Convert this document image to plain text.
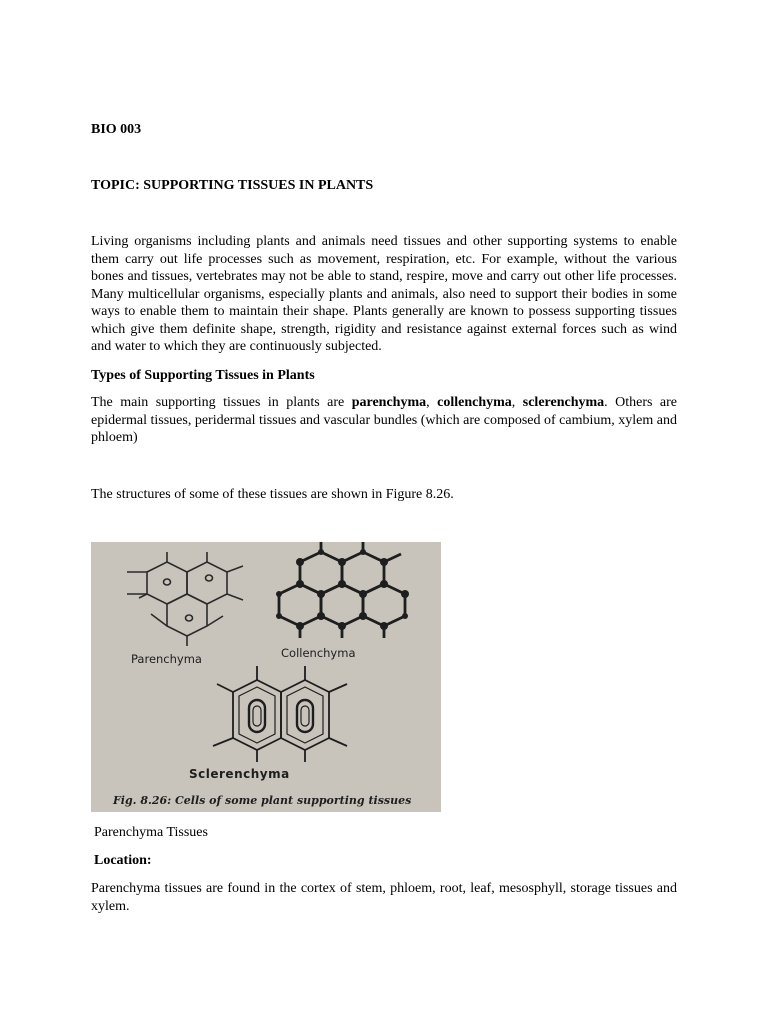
BIO 003
TOPIC: SUPPORTING TISSUES IN PLANTS

Living organisms including plants and animals need tissues and other supporting systems to enable them carry out life processes such as movement, respiration, etc. For example, without the various bones and tissues, vertebrates may not be able to stand, respire, move and carry out other life processes. Many multicellular organisms, especially plants and animals, also need to support their bodies in some ways to enable them to maintain their shape. Plants generally are known to possess supporting tissues which give them definite shape, strength, rigidity and resistance against external forces such as wind and water to which they are continuously subjected.

Types of Supporting Tissues in Plants

The main supporting tissues in plants are parenchyma, collenchyma, sclerenchyma. Others are epidermal tissues, peridermal tissues and vascular bundles (which are composed of cambium, xylem and phloem)

The structures of some of these tissues are shown in Figure 8.26.

Parenchyma	Collenchyma
Sclerenchyma
Fig. 8.26: Cells of some plant supporting tissues

Parenchyma Tissues

Location:

Parenchyma tissues are found in the cortex of stem, phloem, root, leaf, mesosphyll, storage tissues and xylem.
